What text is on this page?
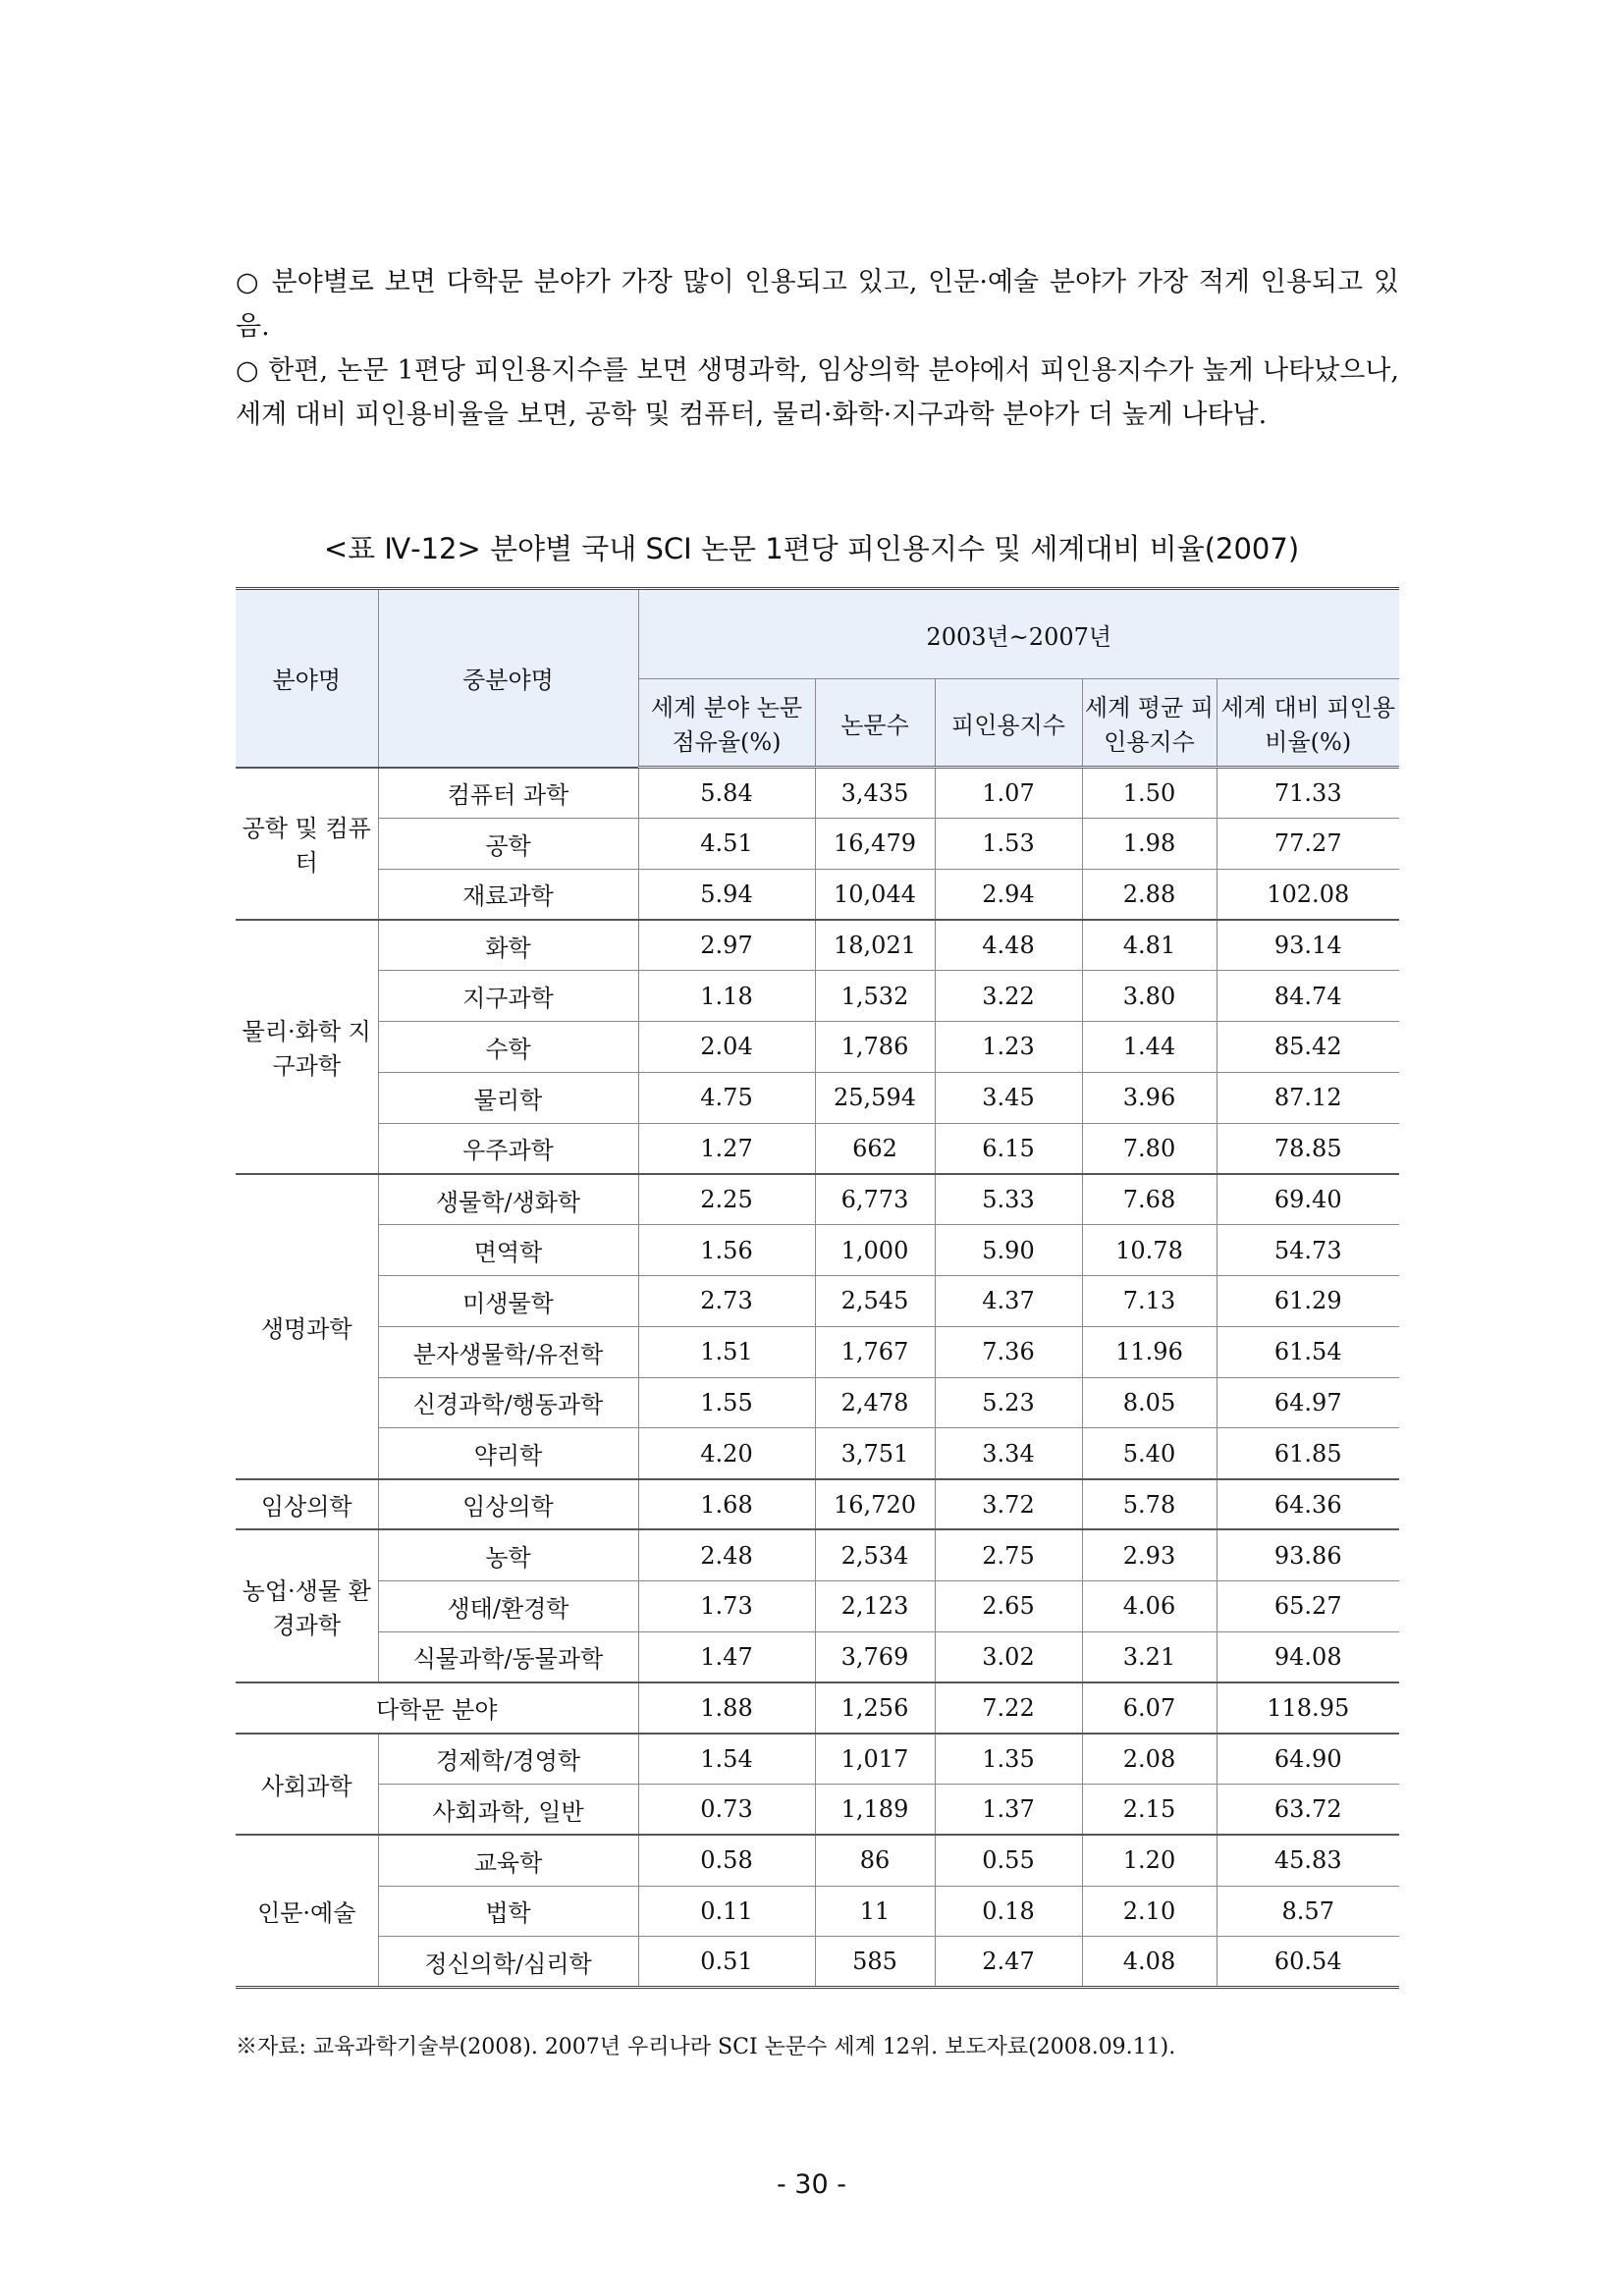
○ 분야별로 보면 다학문 분야가 가장 많이 인용되고 있고, 인문·예술 분야가 가장 적게 인용되고 있음.

○ 한편, 논문 1편당 피인용지수를 보면 생명과학, 임상의학 분야에서 피인용지수가 높게 나타났으나, 세계 대비 피인용비율을 보면, 공학 및 컴퓨터, 물리·화학·지구과학 분야가 더 높게 나타남.

<표 Ⅳ-12> 분야별 국내 SCI 논문 1편당 피인용지수 및 세계대비 비율(2007)

분야명	중분야명	2003년~2007년				
		세계 분야 논문 점유율(%)	논문수	피인용지수	세계 평균 피인용지수	세계 대비 피인용 비율(%)
공학 및 컴퓨터	컴퓨터 과학	5.84	3,435	1.07	1.50	71.33
	공학	4.51	16,479	1.53	1.98	77.27
	재료과학	5.94	10,044	2.94	2.88	102.08
물리·화학 지구과학	화학	2.97	18,021	4.48	4.81	93.14
	지구과학	1.18	1,532	3.22	3.80	84.74
	수학	2.04	1,786	1.23	1.44	85.42
	물리학	4.75	25,594	3.45	3.96	87.12
	우주과학	1.27	662	6.15	7.80	78.85
생명과학	생물학/생화학	2.25	6,773	5.33	7.68	69.40
	면역학	1.56	1,000	5.90	10.78	54.73
	미생물학	2.73	2,545	4.37	7.13	61.29
	분자생물학/유전학	1.51	1,767	7.36	11.96	61.54
	신경과학/행동과학	1.55	2,478	5.23	8.05	64.97
	약리학	4.20	3,751	3.34	5.40	61.85
임상의학	임상의학	1.68	16,720	3.72	5.78	64.36
농업·생물 환경과학	농학	2.48	2,534	2.75	2.93	93.86
	생태/환경학	1.73	2,123	2.65	4.06	65.27
	식물과학/동물과학	1.47	3,769	3.02	3.21	94.08
다학문 분야		1.88	1,256	7.22	6.07	118.95
사회과학	경제학/경영학	1.54	1,017	1.35	2.08	64.90
	사회과학, 일반	0.73	1,189	1.37	2.15	63.72
인문·예술	교육학	0.58	86	0.55	1.20	45.83
	법학	0.11	11	0.18	2.10	8.57
	정신의학/심리학	0.51	585	2.47	4.08	60.54

※자료: 교육과학기술부(2008). 2007년 우리나라 SCI 논문수 세계 12위. 보도자료(2008.09.11).

- 30 -
